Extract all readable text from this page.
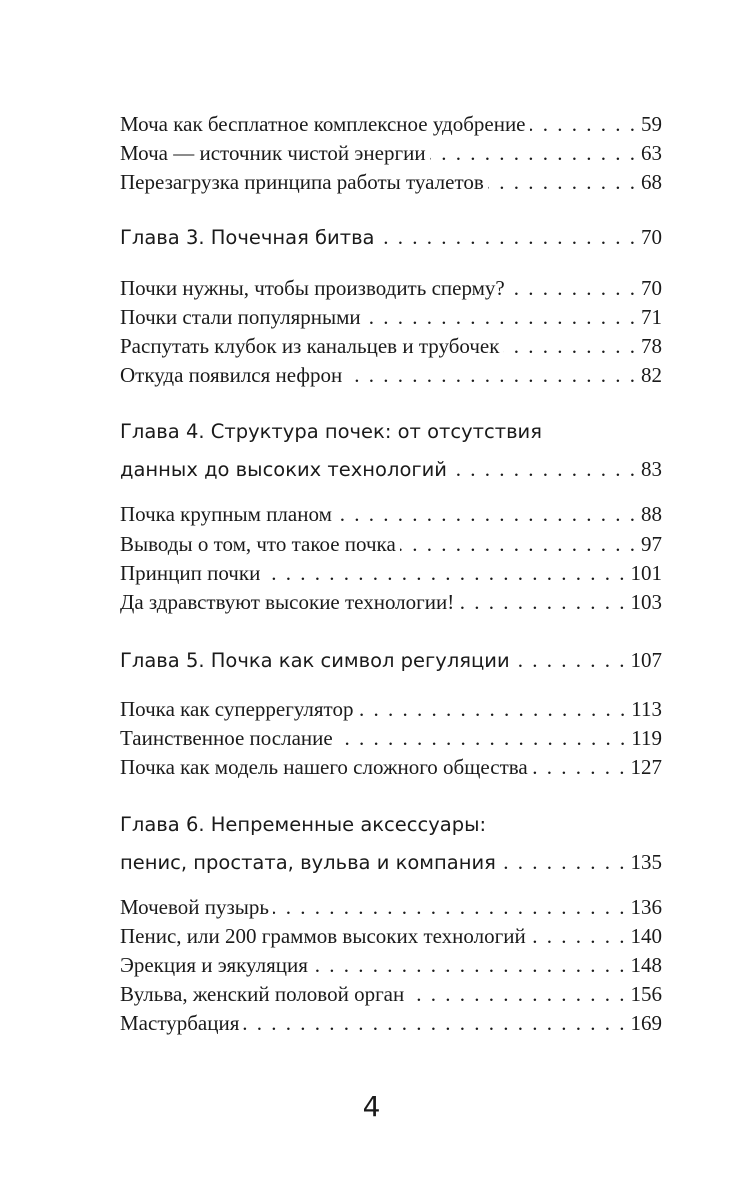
Моча как бесплатное комплексное удобрение . . .	59
Моча — источник чистой энергии . . .	63
Перезагрузка принципа работы туалетов . . .	68
Глава 3. Почечная битва . . .	70
Почки нужны, чтобы производить сперму? . . .	70
Почки стали популярными . . .	71
Распутать клубок из канальцев и трубочек . . .	78
Откуда появился нефрон . . .	82
Глава 4. Структура почек: от отсутствия
данных до высоких технологий . . .	83
Почка крупным планом . . .	88
Выводы о том, что такое почка . . .	97
Принцип почки . . .	101
Да здравствуют высокие технологии! . . .	103
Глава 5. Почка как символ регуляции . . .	107
Почка как суперрегулятор . . .	113
Таинственное послание . . .	119
Почка как модель нашего сложного общества . . .	127
Глава 6. Непременные аксессуары:
пенис, простата, вульва и компания . . .	135
Мочевой пузырь . . .	136
Пенис, или 200 граммов высоких технологий . . .	140
Эрекция и эякуляция . . .	148
Вульва, женский половой орган . . .	156
Мастурбация . . .	169
4
